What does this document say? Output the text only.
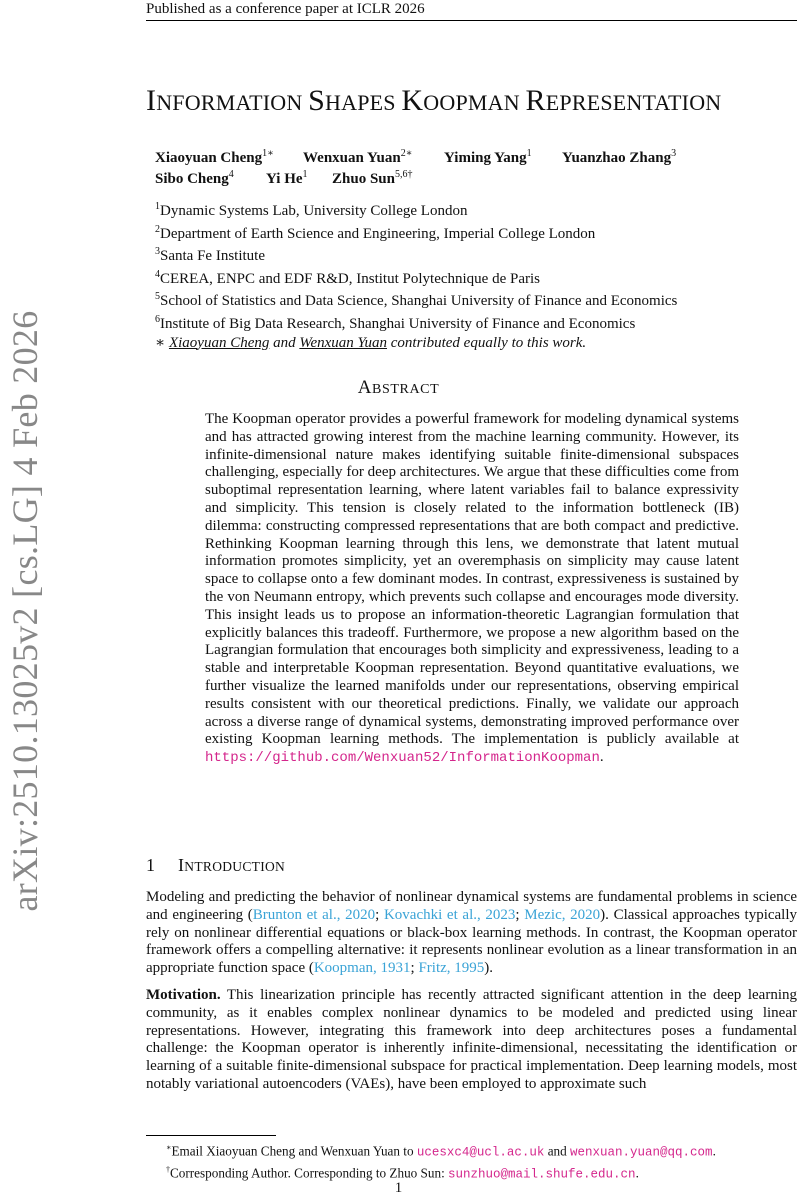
Published as a conference paper at ICLR 2026
arXiv:2510.13025v2 [cs.LG] 4 Feb 2026
INFORMATION SHAPES KOOPMAN REPRESENTATION
Xiaoyuan Cheng$^{1∗}$ Wenxuan Yuan$^{2∗}$ Yiming Yang$^1$ Yuanzhao Zhang$^3$
Sibo Cheng$^4$ Yi He$^1$ Zhuo Sun$^{5,6\dagger}$
$^1$Dynamic Systems Lab, University College London
$^2$Department of Earth Science and Engineering, Imperial College London
$^3$Santa Fe Institute
$^4$CEREA, ENPC and EDF R&D, Institut Polytechnique de Paris
$^5$School of Statistics and Data Science, Shanghai University of Finance and Economics
$^6$Institute of Big Data Research, Shanghai University of Finance and Economics
∗ Xiaoyuan Cheng and Wenxuan Yuan contributed equally to this work.
ABSTRACT
The Koopman operator provides a powerful framework for modeling dynamical systems and has attracted growing interest from the machine learning community. However, its infinite-dimensional nature makes identifying suitable finite-dimensional subspaces challenging, especially for deep architectures. We argue that these difficulties come from suboptimal representation learning, where latent variables fail to balance expressivity and simplicity. This tension is closely related to the information bottleneck (IB) dilemma: constructing compressed representations that are both compact and predictive. Rethinking Koopman learning through this lens, we demonstrate that latent mutual information promotes simplicity, yet an overemphasis on simplicity may cause latent space to collapse onto a few dominant modes. In contrast, expressiveness is sustained by the von Neumann entropy, which prevents such collapse and encourages mode diversity. This insight leads us to propose an information-theoretic Lagrangian formulation that explicitly balances this tradeoff. Furthermore, we propose a new algorithm based on the Lagrangian formulation that encourages both simplicity and expressiveness, leading to a stable and interpretable Koopman representation. Beyond quantitative evaluations, we further visualize the learned manifolds under our representations, observing empirical results consistent with our theoretical predictions. Finally, we validate our approach across a diverse range of dynamical systems, demonstrating improved performance over existing Koopman learning methods. The implementation is publicly available at https://github.com/Wenxuan52/InformationKoopman.
1 INTRODUCTION

Modeling and predicting the behavior of nonlinear dynamical systems are fundamental problems in science and engineering (Brunton et al., 2020; Kovachki et al., 2023; Mezic, 2020). Classical approaches typically rely on nonlinear differential equations or black-box learning methods. In contrast, the Koopman operator framework offers a compelling alternative: it represents nonlinear evolution as a linear transformation in an appropriate function space (Koopman, 1931; Fritz, 1995).

Motivation. This linearization principle has recently attracted significant attention in the deep learning community, as it enables complex nonlinear dynamics to be modeled and predicted using linear representations. However, integrating this framework into deep architectures poses a fundamental challenge: the Koopman operator is inherently infinite-dimensional, necessitating the identification or learning of a suitable finite-dimensional subspace for practical implementation. Deep learning models, most notably variational autoencoders (VAEs), have been employed to approximate such

∗Email Xiaoyuan Cheng and Wenxuan Yuan to ucesxc4@ucl.ac.uk and wenxuan.yuan@qq.com.
†Corresponding Author. Corresponding to Zhuo Sun: sunzhuo@mail.shufe.edu.cn.
1
